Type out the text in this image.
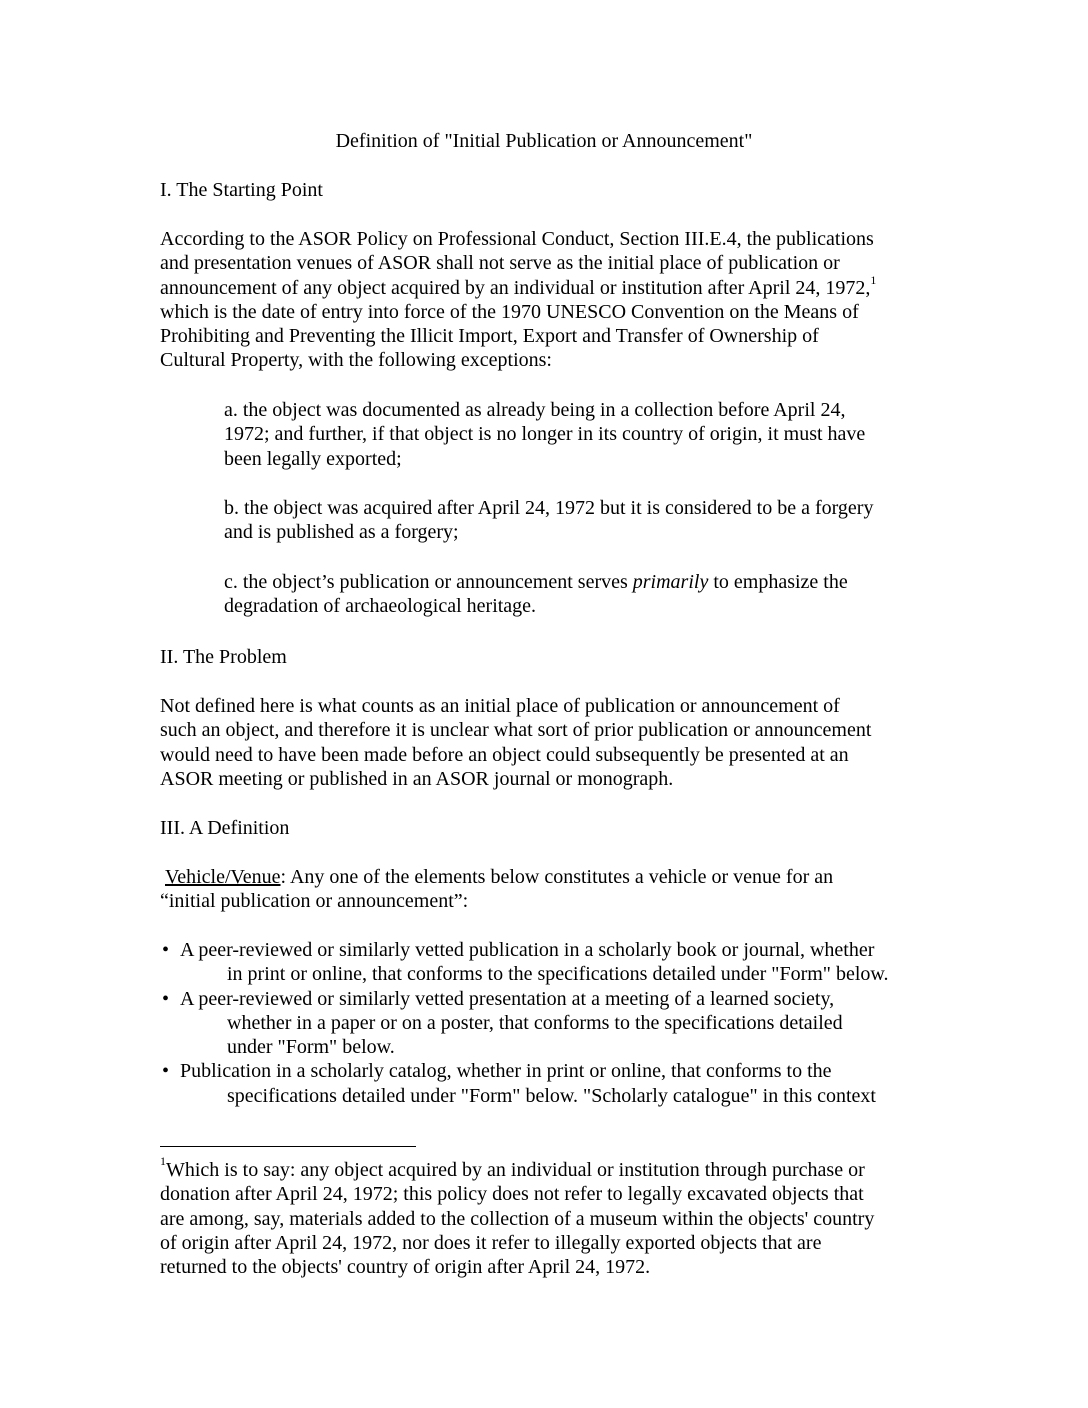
Definition of "Initial Publication or Announcement"
I. The Starting Point
According to the ASOR Policy on Professional Conduct, Section III.E.4, the publications
and presentation venues of ASOR shall not serve as the initial place of publication or
announcement of any object acquired by an individual or institution after April 24, 1972,$^1$
which is the date of entry into force of the 1970 UNESCO Convention on the Means of
Prohibiting and Preventing the Illicit Import, Export and Transfer of Ownership of
Cultural Property, with the following exceptions:
a. the object was documented as already being in a collection before April 24,
1972; and further, if that object is no longer in its country of origin, it must have
been legally exported;
b. the object was acquired after April 24, 1972 but it is considered to be a forgery
and is published as a forgery;
c. the object’s publication or announcement serves primarily to emphasize the
degradation of archaeological heritage.
II. The Problem
Not defined here is what counts as an initial place of publication or announcement of
such an object, and therefore it is unclear what sort of prior publication or announcement
would need to have been made before an object could subsequently be presented at an
ASOR meeting or published in an ASOR journal or monograph.
III. A Definition
Vehicle/Venue: Any one of the elements below constitutes a vehicle or venue for an
“initial publication or announcement”:
• A peer-reviewed or similarly vetted publication in a scholarly book or journal, whether
in print or online, that conforms to the specifications detailed under "Form" below.
• A peer-reviewed or similarly vetted presentation at a meeting of a learned society,
whether in a paper or on a poster, that conforms to the specifications detailed
under "Form" below.
• Publication in a scholarly catalog, whether in print or online, that conforms to the
specifications detailed under "Form" below. "Scholarly catalogue" in this context
$^1$Which is to say: any object acquired by an individual or institution through purchase or
donation after April 24, 1972; this policy does not refer to legally excavated objects that
are among, say, materials added to the collection of a museum within the objects' country
of origin after April 24, 1972, nor does it refer to illegally exported objects that are
returned to the objects' country of origin after April 24, 1972.
